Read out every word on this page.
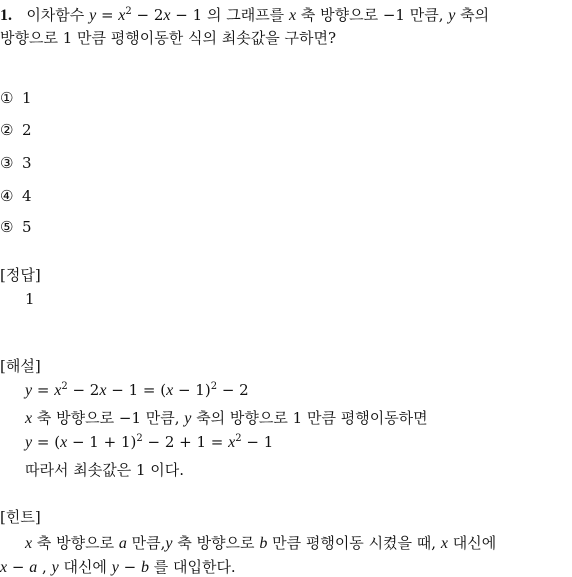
1. 이차함수 $y = x^2 - 2x - 1$ 의 그래프를 x 축 방향으로 −1 만큼, y 축의
방향으로 1 만큼 평행이동한 식의 최솟값을 구하면?
① 1
② 2
③ 3
④ 4
⑤ 5
[정답]
1
[해설]
$y = x^2 - 2x - 1 = (x - 1)^2 - 2$
x 축 방향으로 −1 만큼, y 축의 방향으로 1 만큼 평행이동하면
$y = (x - 1 + 1)^2 - 2 + 1 = x^2 - 1$
따라서 최솟값은 1 이다.
[힌트]
x 축 방향으로 a 만큼,y 축 방향으로 b 만큼 평행이동 시켰을 때, x 대신에
x − a , y 대신에 y − b 를 대입한다.
